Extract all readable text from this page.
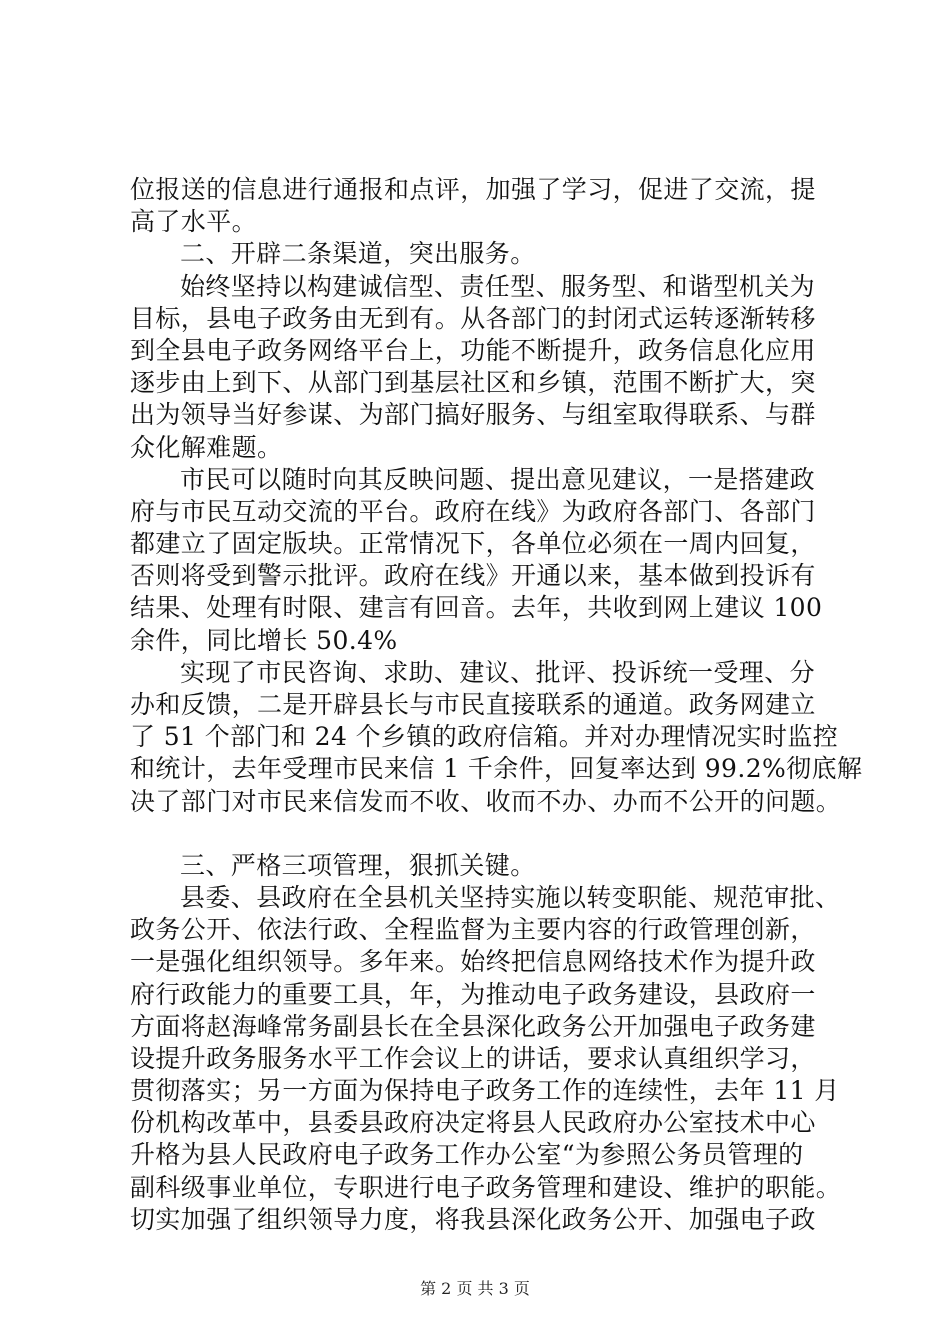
位报送的信息进行通报和点评，加强了学习，促进了交流，提
高了水平。
二、开辟二条渠道，突出服务。
始终坚持以构建诚信型、责任型、服务型、和谐型机关为
目标，县电子政务由无到有。从各部门的封闭式运转逐渐转移
到全县电子政务网络平台上，功能不断提升，政务信息化应用
逐步由上到下、从部门到基层社区和乡镇，范围不断扩大，突
出为领导当好参谋、为部门搞好服务、与组室取得联系、与群
众化解难题。
市民可以随时向其反映问题、提出意见建议，一是搭建政
府与市民互动交流的平台。政府在线》为政府各部门、各部门
都建立了固定版块。正常情况下，各单位必须在一周内回复，
否则将受到警示批评。政府在线》开通以来，基本做到投诉有
结果、处理有时限、建言有回音。去年，共收到网上建议 100
余件，同比增长 50.4%
实现了市民咨询、求助、建议、批评、投诉统一受理、分
办和反馈，二是开辟县长与市民直接联系的通道。政务网建立
了 51 个部门和 24 个乡镇的政府信箱。并对办理情况实时监控
和统计，去年受理市民来信 1 千余件，回复率达到 99.2%彻底解
决了部门对市民来信发而不收、收而不办、办而不公开的问题。
三、严格三项管理，狠抓关键。
县委、县政府在全县机关坚持实施以转变职能、规范审批、
政务公开、依法行政、全程监督为主要内容的行政管理创新，
一是强化组织领导。多年来。始终把信息网络技术作为提升政
府行政能力的重要工具，年，为推动电子政务建设，县政府一
方面将赵海峰常务副县长在全县深化政务公开加强电子政务建
设提升政务服务水平工作会议上的讲话，要求认真组织学习，
贯彻落实；另一方面为保持电子政务工作的连续性，去年 11 月
份机构改革中，县委县政府决定将县人民政府办公室技术中心
升格为县人民政府电子政务工作办公室“为参照公务员管理的
副科级事业单位，专职进行电子政务管理和建设、维护的职能。
切实加强了组织领导力度，将我县深化政务公开、加强电子政
第 2 页 共 3 页
